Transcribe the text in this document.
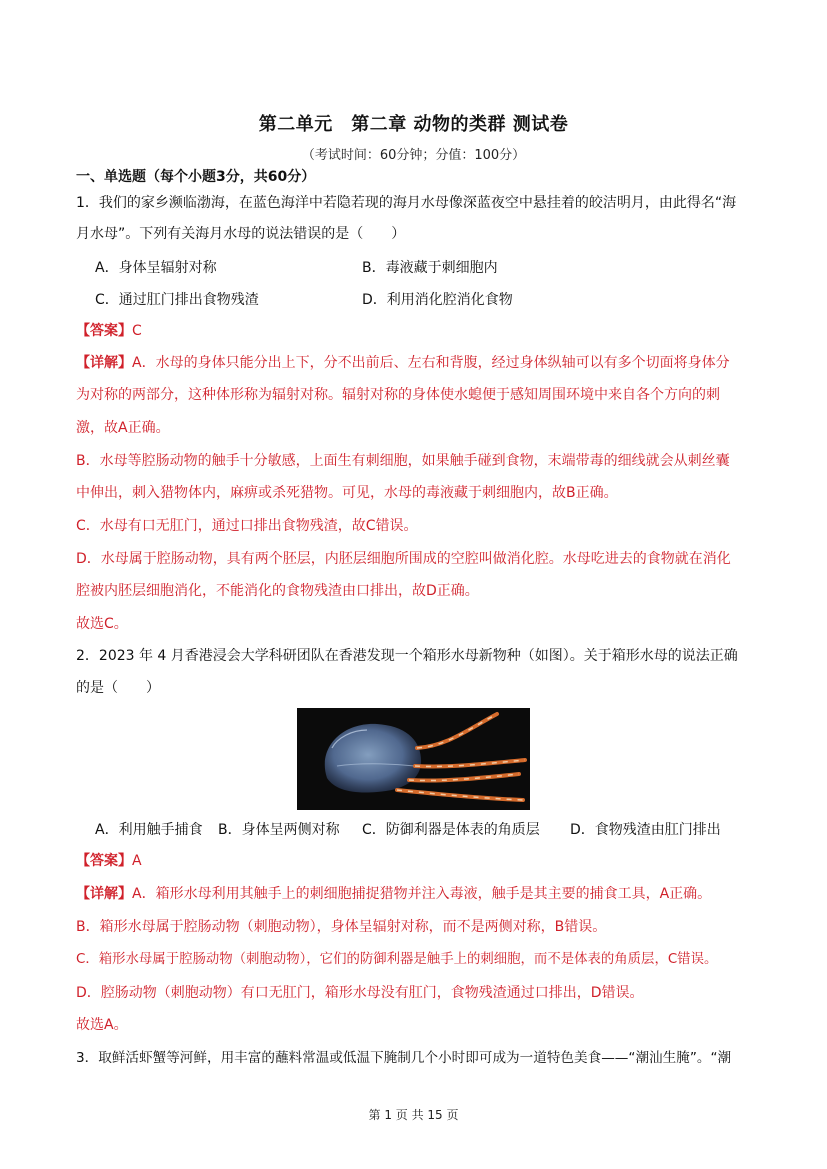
第二单元　第二章 动物的类群 测试卷
（考试时间：60分钟；分值：100分）
一、单选题（每个小题3分，共60分）
1．我们的家乡濒临渤海，在蓝色海洋中若隐若现的海月水母像深蓝夜空中悬挂着的皎洁明月，由此得名“海
月水母”。下列有关海月水母的说法错误的是（　　）
A．身体呈辐射对称	B．毒液藏于刺细胞内
C．通过肛门排出食物残渣	D．利用消化腔消化食物
【答案】C
【详解】A．水母的身体只能分出上下，分不出前后、左右和背腹，经过身体纵轴可以有多个切面将身体分
为对称的两部分，这种体形称为辐射对称。辐射对称的身体使水螅便于感知周围环境中来自各个方向的刺
激，故A正确。
B．水母等腔肠动物的触手十分敏感，上面生有刺细胞，如果触手碰到食物，末端带毒的细线就会从刺丝囊
中伸出，刺入猎物体内，麻痹或杀死猎物。可见，水母的毒液藏于刺细胞内，故B正确。
C．水母有口无肛门，通过口排出食物残渣，故C错误。
D．水母属于腔肠动物，具有两个胚层，内胚层细胞所围成的空腔叫做消化腔。水母吃进去的食物就在消化
腔被内胚层细胞消化，不能消化的食物残渣由口排出，故D正确。
故选C。
2．2023 年 4 月香港浸会大学科研团队在香港发现一个箱形水母新物种（如图）。关于箱形水母的说法正确
的是（　　）
A．利用触手捕食 B．身体呈两侧对称 C．防御利器是体表的角质层 D．食物残渣由肛门排出
【答案】A
【详解】A．箱形水母利用其触手上的刺细胞捕捉猎物并注入毒液，触手是其主要的捕食工具，A正确。
B．箱形水母属于腔肠动物（刺胞动物），身体呈辐射对称，而不是两侧对称，B错误。
C．箱形水母属于腔肠动物（刺胞动物），它们的防御利器是触手上的刺细胞，而不是体表的角质层，C错误。
D．腔肠动物（刺胞动物）有口无肛门，箱形水母没有肛门，食物残渣通过口排出，D错误。
故选A。
3．取鲜活虾蟹等河鲜，用丰富的蘸料常温或低温下腌制几个小时即可成为一道特色美食——“潮汕生腌”。“潮
第 1 页 共 15 页
